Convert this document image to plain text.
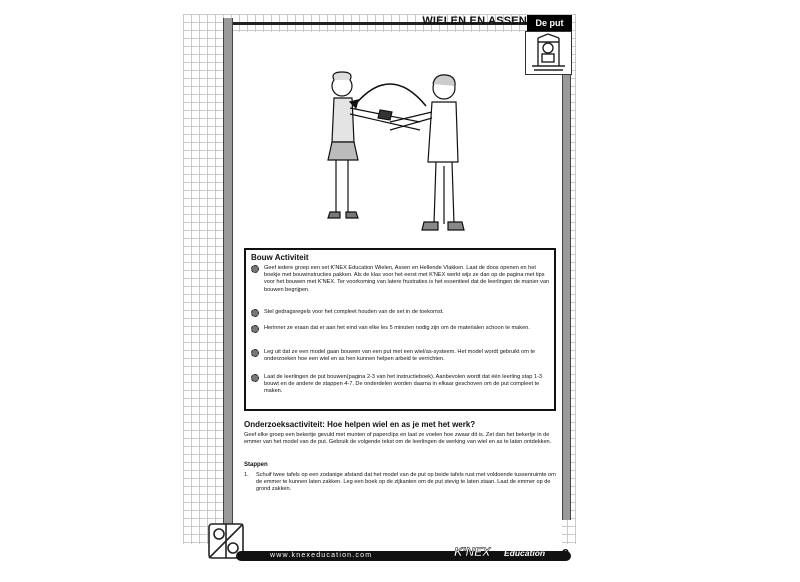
WIELEN EN ASSEN De put
Bouw Activiteit
Geef iedere groep een set K'NEX Education Wielen, Assen en Hellende Vlakken. Laat de doos openen en het boekje met bouwinstructies pakken. Als de klas voor het eerst met K'NEX werkt wijs ze dan op de pagina met tips voor het bouwen met K'NEX. Ter voorkoming van latere frustraties is het essentieel dat de leerlingen de manier van bouwen begrijpen.
Stel gedragsregels voor het compleet houden van de set in de toekomst.
Herinner ze eraan dat er aan het eind van elke les 5 minuten nodig zijn om de materialen schoon te maken.
Leg uit dat ze een model gaan bouwen van een put met een wiel/as-systeem. Het model wordt gebruikt om te onderzoeken hoe een wiel en as hen kunnen helpen arbeid te verrichten.
Laat de leerlingen de put bouwen(pagina 2-3 van het instructieboek). Aanbevolen wordt dat één leerling stap 1-3 bouwt en de andere de stappen 4-7. De onderdelen worden daarna in elkaar geschoven om de put compleet te maken.
Onderzoeksactiviteit: Hoe helpen wiel en as je met het werk?
Geef elke groep een bekertje gevuld met munten of paperclips en laat ze voelen hoe zwaar dit is. Zet dan het bekertje in de emmer van het model van de put. Gebruik de volgende tekst om de leerlingen de werking van wiel en as te laten ontdekken.
Stappen
1. Schuif twee tafels op een zodanige afstand dat het model van de put op beide tafels rust met voldoende tussenruimte om de emmer te kunnen laten zakken. Leg een boek op de zijkanten om de put stevig te laten staan. Laat de emmer op de grond zakken.
www.knexeducation.com	K'NEX Education 9
